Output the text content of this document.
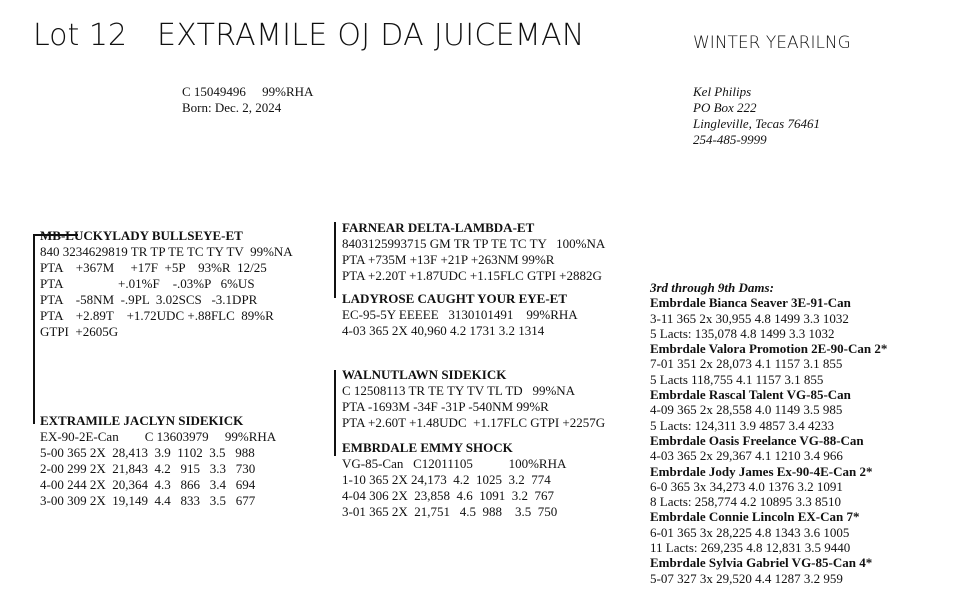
Lot 12 EXTRAMILE OJ DA JUICEMAN	WINTER YEARILNG
C 15049496     99%RHA
Born: Dec. 2, 2024
Kel Philips
PO Box 222
Lingleville, Tecas 76461
254-485-9999
MB-LUCKYLADY BULLSEYE-ET
840 3234629819 TR TP TE TC TY TV  99%NA
PTA    +367M     +17F  +5P    93%R  12/25
PTA                 +.01%F    -.03%P   6%US
PTA    -58NM  -.9PL  3.02SCS   -3.1DPR
PTA    +2.89T    +1.72UDC +.88FLC  89%R
GTPI  +2605G
EXTRAMILE JACLYN SIDEKICK
EX-90-2E-Can        C 13603979     99%RHA
5-00 365 2X  28,413  3.9  1102  3.5   988
2-00 299 2X  21,843  4.2   915   3.3   730
4-00 244 2X  20,364  4.3   866   3.4   694
3-00 309 2X  19,149  4.4   833   3.5   677
FARNEAR DELTA-LAMBDA-ET
8403125993715 GM TR TP TE TC TY   100%NA
PTA +735M +13F +21P +263NM 99%R
PTA +2.20T +1.87UDC +1.15FLC GTPI +2882G
LADYROSE CAUGHT YOUR EYE-ET
EC-95-5Y EEEEE   3130101491    99%RHA
4-03 365 2X 40,960 4.2 1731 3.2 1314
WALNUTLAWN SIDEKICK
C 12508113 TR TE TY TV TL TD   99%NA
PTA -1693M -34F -31P -540NM 99%R
PTA +2.60T +1.48UDC  +1.17FLC GTPI +2257G
EMBRDALE EMMY SHOCK
VG-85-Can   C12011105           100%RHA
1-10 365 2X 24,173  4.2  1025  3.2  774
4-04 306 2X  23,858  4.6  1091  3.2  767
3-01 365 2X  21,751   4.5  988    3.5  750
3rd through 9th Dams:
Embrdale Bianca Seaver 3E-91-Can
3-11 365 2x 30,955 4.8 1499 3.3 1032
5 Lacts: 135,078 4.8 1499 3.3 1032
Embrdale Valora Promotion 2E-90-Can 2*
7-01 351 2x 28,073 4.1 1157 3.1 855
5 Lacts 118,755 4.1 1157 3.1 855
Embrdale Rascal Talent VG-85-Can
4-09 365 2x 28,558 4.0 1149 3.5 985
5 Lacts: 124,311 3.9 4857 3.4 4233
Embrdale Oasis Freelance VG-88-Can
4-03 365 2x 29,367 4.1 1210 3.4 966
Embrdale Jody James Ex-90-4E-Can 2*
6-0 365 3x 34,273 4.0 1376 3.2 1091
8 Lacts: 258,774 4.2 10895 3.3 8510
Embrdale Connie Lincoln EX-Can 7*
6-01 365 3x 28,225 4.8 1343 3.6 1005
11 Lacts: 269,235 4.8 12,831 3.5 9440
Embrdale Sylvia Gabriel VG-85-Can 4*
5-07 327 3x 29,520 4.4 1287 3.2 959
